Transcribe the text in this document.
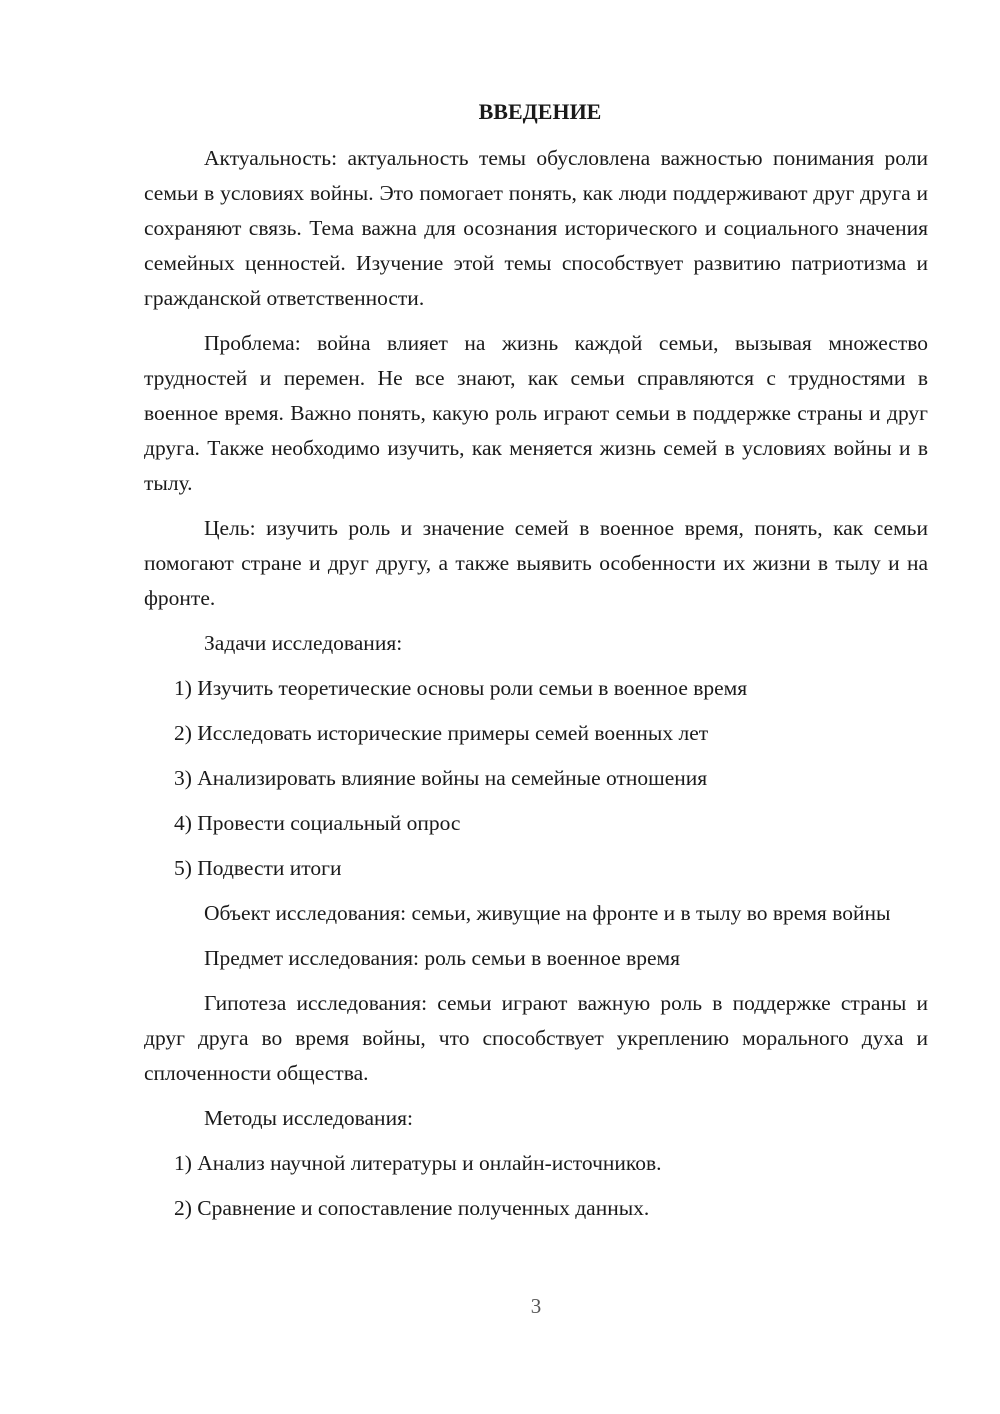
ВВЕДЕНИЕ

Актуальность: актуальность темы обусловлена важностью понимания роли семьи в условиях войны. Это помогает понять, как люди поддерживают друг друга и сохраняют связь. Тема важна для осознания исторического и социального значения семейных ценностей. Изучение этой темы способствует развитию патриотизма и гражданской ответственности.

Проблема: война влияет на жизнь каждой семьи, вызывая множество трудностей и перемен. Не все знают, как семьи справляются с трудностями в военное время. Важно понять, какую роль играют семьи в поддержке страны и друг друга. Также необходимо изучить, как меняется жизнь семей в условиях войны и в тылу.

Цель: изучить роль и значение семей в военное время, понять, как семьи помогают стране и друг другу, а также выявить особенности их жизни в тылу и на фронте.

Задачи исследования:
1) Изучить теоретические основы роли семьи в военное время
2) Исследовать исторические примеры семей военных лет
3) Анализировать влияние войны на семейные отношения
4) Провести социальный опрос
5) Подвести итоги

Объект исследования: семьи, живущие на фронте и в тылу во время войны

Предмет исследования: роль семьи в военное время

Гипотеза исследования: семьи играют важную роль в поддержке страны и друг друга во время войны, что способствует укреплению морального духа и сплоченности общества.

Методы исследования:
1) Анализ научной литературы и онлайн-источников.
2) Сравнение и сопоставление полученных данных.
3
